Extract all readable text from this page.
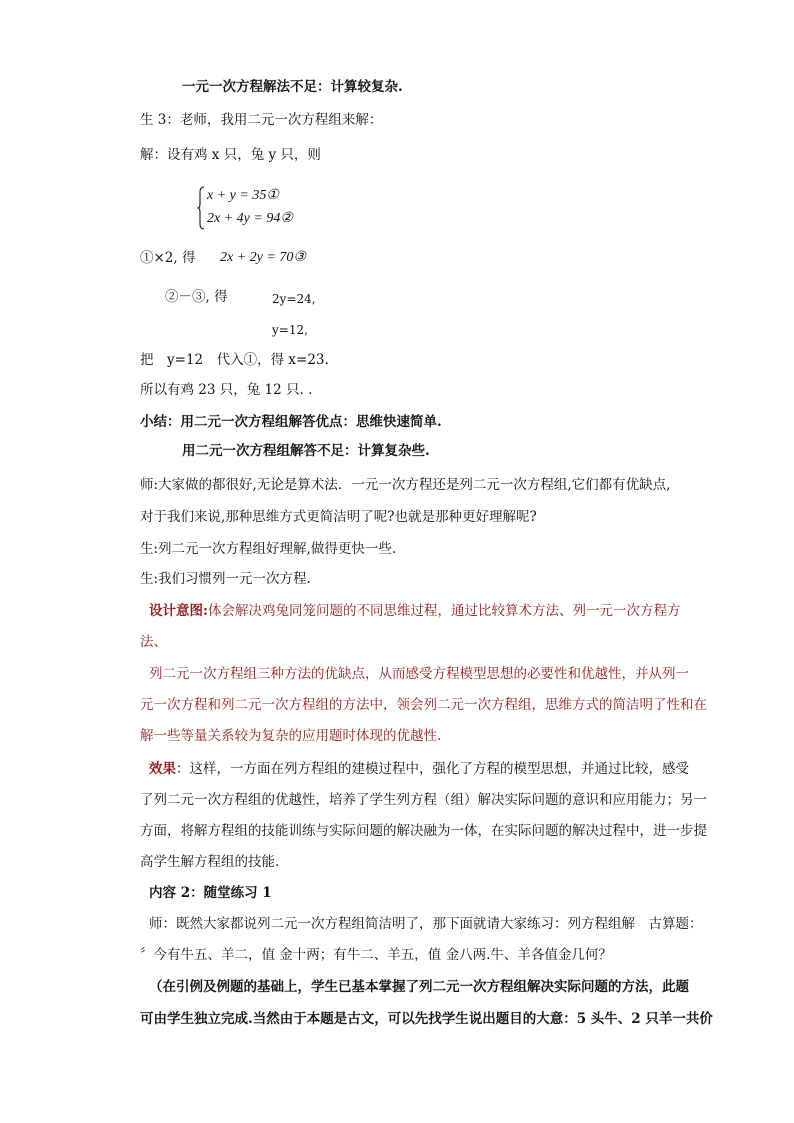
一元一次方程解法不足：计算较复杂.
生 3：老师，我用二元一次方程组来解：
解：设有鸡 x 只，兔 y 只，则
x + y = 35①
2x + 4y = 94②
①×2, 得 2x + 2y = 70③
②－③, 得	2y=24,
y=12,
把　y=12　代入①，得 x=23.
所以有鸡 23 只，兔 12 只. .
小结：用二元一次方程组解答优点：思维快速简单.
用二元一次方程组解答不足：计算复杂些.
师:大家做的都很好,无论是算术法．一元一次方程还是列二元一次方程组,它们都有优缺点,
对于我们来说,那种思维方式更简洁明了呢?也就是那种更好理解呢?
生:列二元一次方程组好理解,做得更快一些.
生:我们习惯列一元一次方程.
设计意图:体会解决鸡兔同笼问题的不同思维过程，通过比较算术方法、列一元一次方程方
法、
列二元一次方程组三种方法的优缺点，从而感受方程模型思想的必要性和优越性，并从列一
元一次方程和列二元一次方程组的方法中，领会列二元一次方程组，思维方式的简洁明了性和在
解一些等量关系较为复杂的应用题时体现的优越性.
效果：这样，一方面在列方程组的建模过程中，强化了方程的模型思想，并通过比较，感受
了列二元一次方程组的优越性，培养了学生列方程（组）解决实际问题的意识和应用能力；另一
方面，将解方程组的技能训练与实际问题的解决融为一体，在实际问题的解决过程中，进一步提
高学生解方程组的技能.
内容 2：随堂练习 1
师：既然大家都说列二元一次方程组简洁明了，那下面就请大家练习：列方程组解　古算题：
〞今有牛五、羊二，值 金十两；有牛二、羊五，值 金八两.牛、羊各值金几何？
（在引例及例题的基础上，学生已基本掌握了列二元一次方程组解决实际问题的方法，此题
可由学生独立完成.当然由于本题是古文，可以先找学生说出题目的大意：5 头牛、2 只羊一共价
